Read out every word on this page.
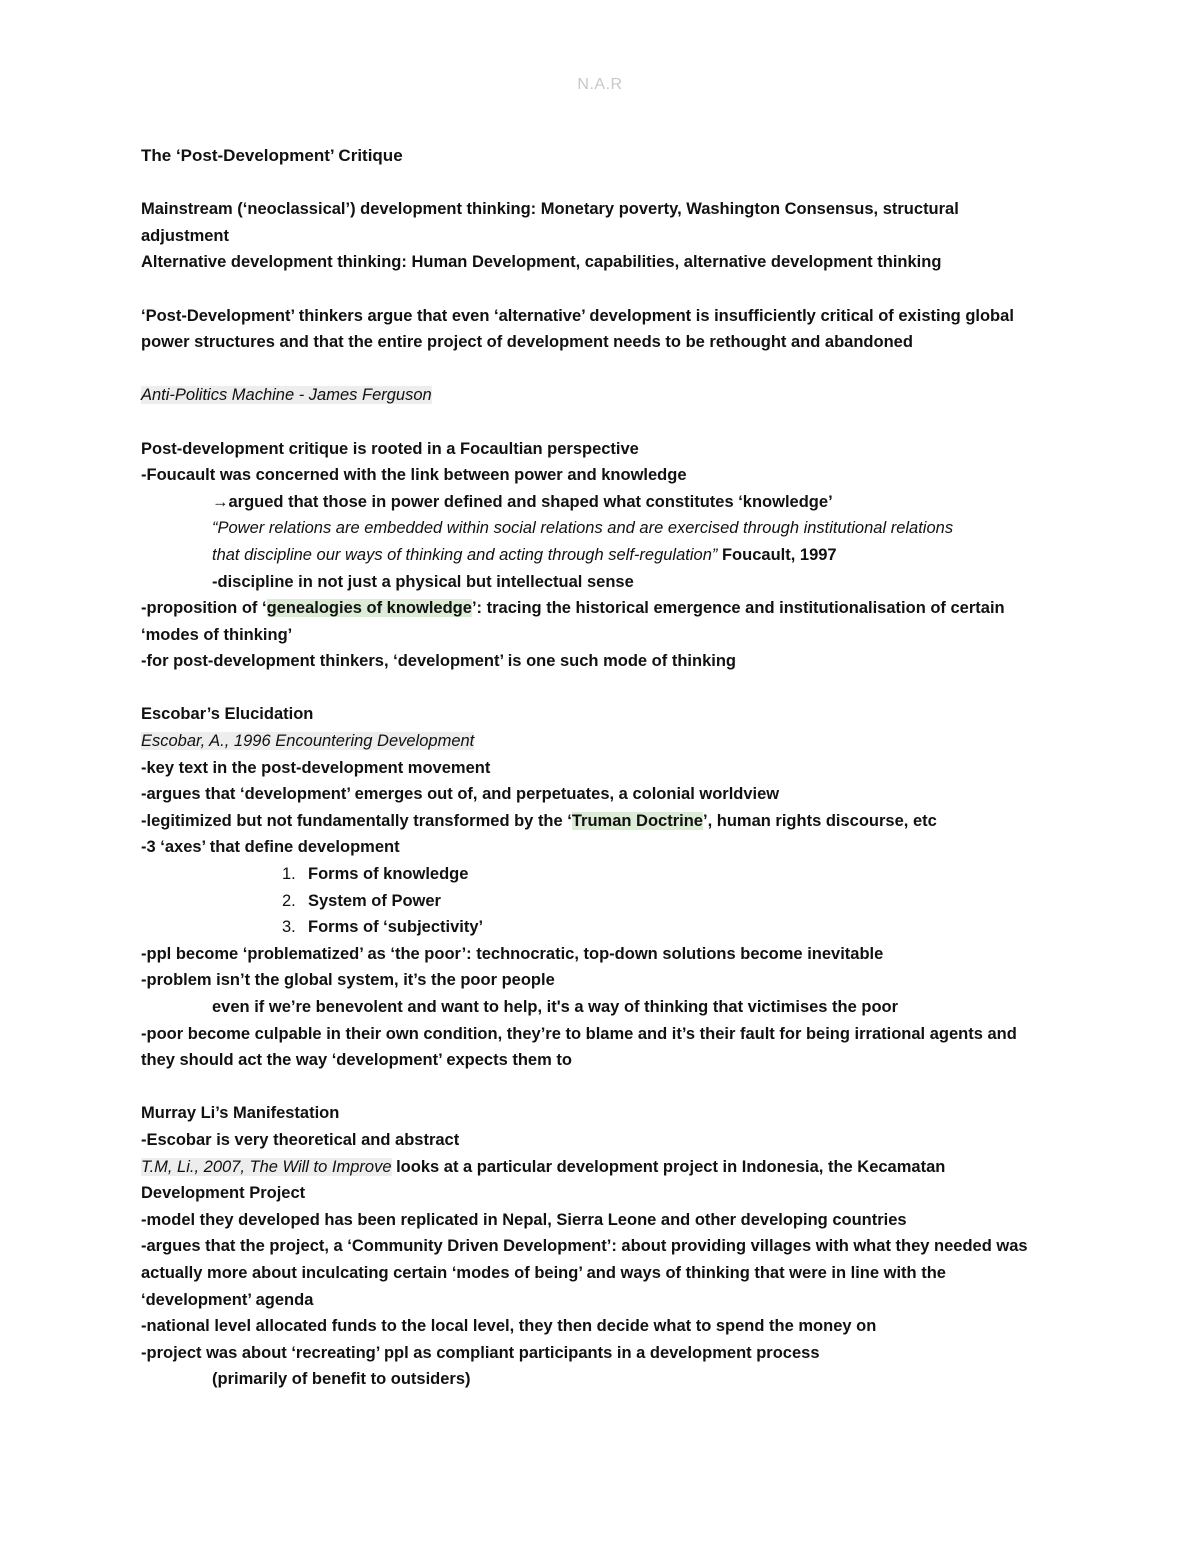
N.A.R
The ‘Post-Development’ Critique
Mainstream (‘neoclassical’) development thinking: Monetary poverty, Washington Consensus, structural
adjustment
Alternative development thinking: Human Development, capabilities, alternative development thinking
‘Post-Development’ thinkers argue that even ‘alternative’ development is insufficiently critical of existing global
power structures and that the entire project of development needs to be rethought and abandoned
Anti-Politics Machine - James Ferguson
Post-development critique is rooted in a Focaultian perspective
-Foucault was concerned with the link between power and knowledge
→argued that those in power defined and shaped what constitutes ‘knowledge’
“Power relations are embedded within social relations and are exercised through institutional relations
that discipline our ways of thinking and acting through self-regulation” Foucault, 1997
-discipline in not just a physical but intellectual sense
-proposition of ‘genealogies of knowledge’: tracing the historical emergence and institutionalisation of certain
‘modes of thinking’
-for post-development thinkers, ‘development’ is one such mode of thinking
Escobar’s Elucidation
Escobar, A., 1996 Encountering Development
-key text in the post-development movement
-argues that ‘development’ emerges out of, and perpetuates, a colonial worldview
-legitimized but not fundamentally transformed by the ‘Truman Doctrine’, human rights discourse, etc
-3 ‘axes’ that define development
1. Forms of knowledge
2. System of Power
3. Forms of ‘subjectivity’
-ppl become ‘problematized’ as ‘the poor’: technocratic, top-down solutions become inevitable
-problem isn’t the global system, it’s the poor people
even if we’re benevolent and want to help, it's a way of thinking that victimises the poor
-poor become culpable in their own condition, they’re to blame and it’s their fault for being irrational agents and
they should act the way ‘development’ expects them to
Murray Li’s Manifestation
-Escobar is very theoretical and abstract
T.M, Li., 2007, The Will to Improve looks at a particular development project in Indonesia, the Kecamatan
Development Project
-model they developed has been replicated in Nepal, Sierra Leone and other developing countries
-argues that the project, a ‘Community Driven Development’: about providing villages with what they needed was
actually more about inculcating certain ‘modes of being’ and ways of thinking that were in line with the
‘development’ agenda
-national level allocated funds to the local level, they then decide what to spend the money on
-project was about ‘recreating’ ppl as compliant participants in a development process
(primarily of benefit to outsiders)
